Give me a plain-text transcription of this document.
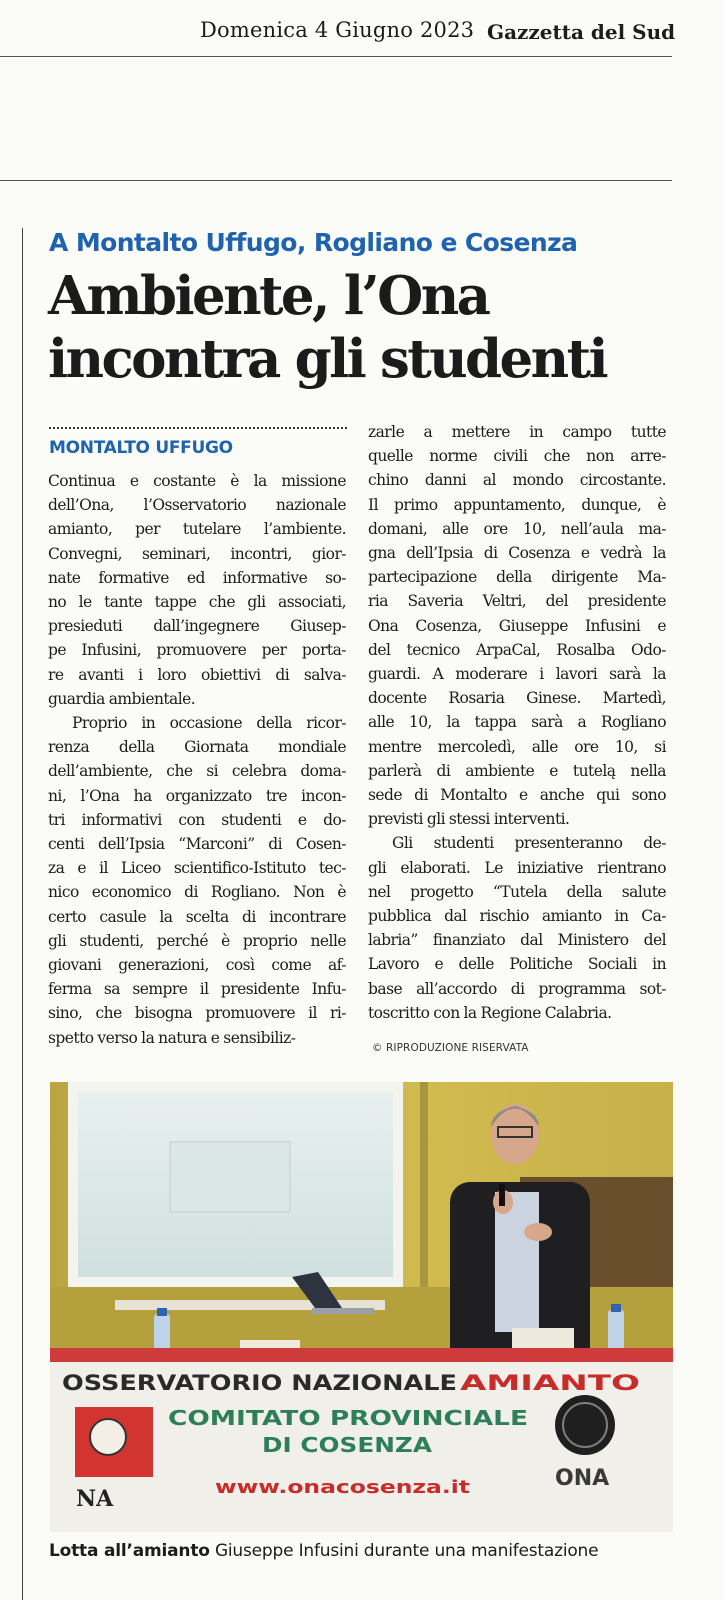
Domenica 4 Giugno 2023 Gazzetta del Sud
A Montalto Uffugo, Rogliano e Cosenza
Ambiente, l’Ona
incontra gli studenti
MONTALTO UFFUGO
Continua e costante è la missione
dell’Ona, l’Osservatorio nazionale
amianto, per tutelare l’ambiente.
Convegni, seminari, incontri, gior-
nate formative ed informative so-
no le tante tappe che gli associati,
presieduti dall’ingegnere Giusep-
pe Infusini, promuovere per porta-
re avanti i loro obiettivi di salva-
guardia ambientale.
Proprio in occasione della ricor-
renza della Giornata mondiale
dell’ambiente, che si celebra doma-
ni, l’Ona ha organizzato tre incon-
tri informativi con studenti e do-
centi dell’Ipsia “Marconi” di Cosen-
za e il Liceo scientifico-Istituto tec-
nico economico di Rogliano. Non è
certo casule la scelta di incontrare
gli studenti, perché è proprio nelle
giovani generazioni, così come af-
ferma sa sempre il presidente Infu-
sino, che bisogna promuovere il ri-
spetto verso la natura e sensibiliz-
zarle a mettere in campo tutte
quelle norme civili che non arre-
chino danni al mondo circostante.
Il primo appuntamento, dunque, è
domani, alle ore 10, nell’aula ma-
gna dell’Ipsia di Cosenza e vedrà la
partecipazione della dirigente Ma-
ria Saveria Veltri, del presidente
Ona Cosenza, Giuseppe Infusini e
del tecnico ArpaCal, Rosalba Odo-
guardi. A moderare i lavori sarà la
docente Rosaria Ginese. Martedì,
alle 10, la tappa sarà a Rogliano
mentre mercoledì, alle ore 10, si
parlerà di ambiente e tutelą nella
sede di Montalto e anche qui sono
previsti gli stessi interventi.
Gli studenti presenteranno de-
gli elaborati. Le iniziative rientrano
nel progetto “Tutela della salute
pubblica dal rischio amianto in Ca-
labria” finanziato dal Ministero del
Lavoro e delle Politiche Sociali in
base all’accordo di programma sot-
toscritto con la Regione Calabria.
© RIPRODUZIONE RISERVATA
OSSERVATORIO NAZIONALE AMIANTO
COMITATO PROVINCIALE
DI COSENZA
www.onacosenza.it
NA
ONA
Lotta all’amianto Giuseppe Infusini durante una manifestazione
